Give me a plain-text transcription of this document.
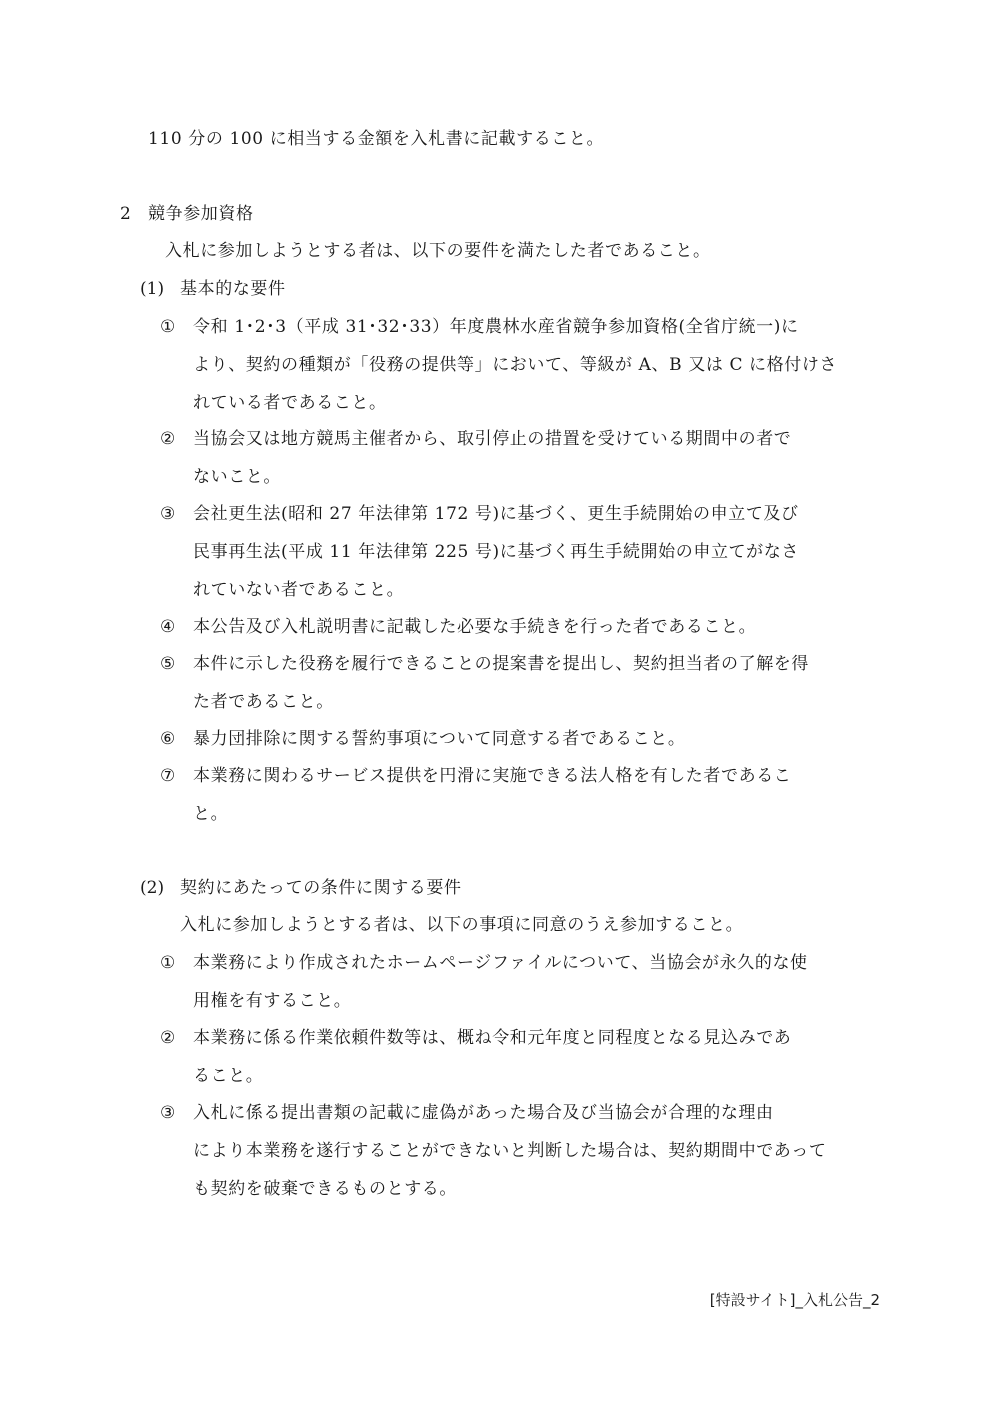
110 分の 100 に相当する金額を入札書に記載すること。
2 競争参加資格
入札に参加しようとする者は、以下の要件を満たした者であること。
(1) 基本的な要件
① 令和 1･2･3（平成 31･32･33）年度農林水産省競争参加資格(全省庁統一)に
より、契約の種類が「役務の提供等」において、等級が A、B 又は C に格付けさ
れている者であること。
② 当協会又は地方競馬主催者から、取引停止の措置を受けている期間中の者で
ないこと。
③ 会社更生法(昭和 27 年法律第 172 号)に基づく、更生手続開始の申立て及び
民事再生法(平成 11 年法律第 225 号)に基づく再生手続開始の申立てがなさ
れていない者であること。
④ 本公告及び入札説明書に記載した必要な手続きを行った者であること。
⑤ 本件に示した役務を履行できることの提案書を提出し、契約担当者の了解を得
た者であること。
⑥ 暴力団排除に関する誓約事項について同意する者であること。
⑦ 本業務に関わるサービス提供を円滑に実施できる法人格を有した者であるこ
と。
(2) 契約にあたっての条件に関する要件
入札に参加しようとする者は、以下の事項に同意のうえ参加すること。
① 本業務により作成されたホームページファイルについて、当協会が永久的な使
用権を有すること。
② 本業務に係る作業依頼件数等は、概ね令和元年度と同程度となる見込みであ
ること。
③ 入札に係る提出書類の記載に虚偽があった場合及び当協会が合理的な理由
により本業務を遂行することができないと判断した場合は、契約期間中であって
も契約を破棄できるものとする。
[特設サイト]_入札公告_2
